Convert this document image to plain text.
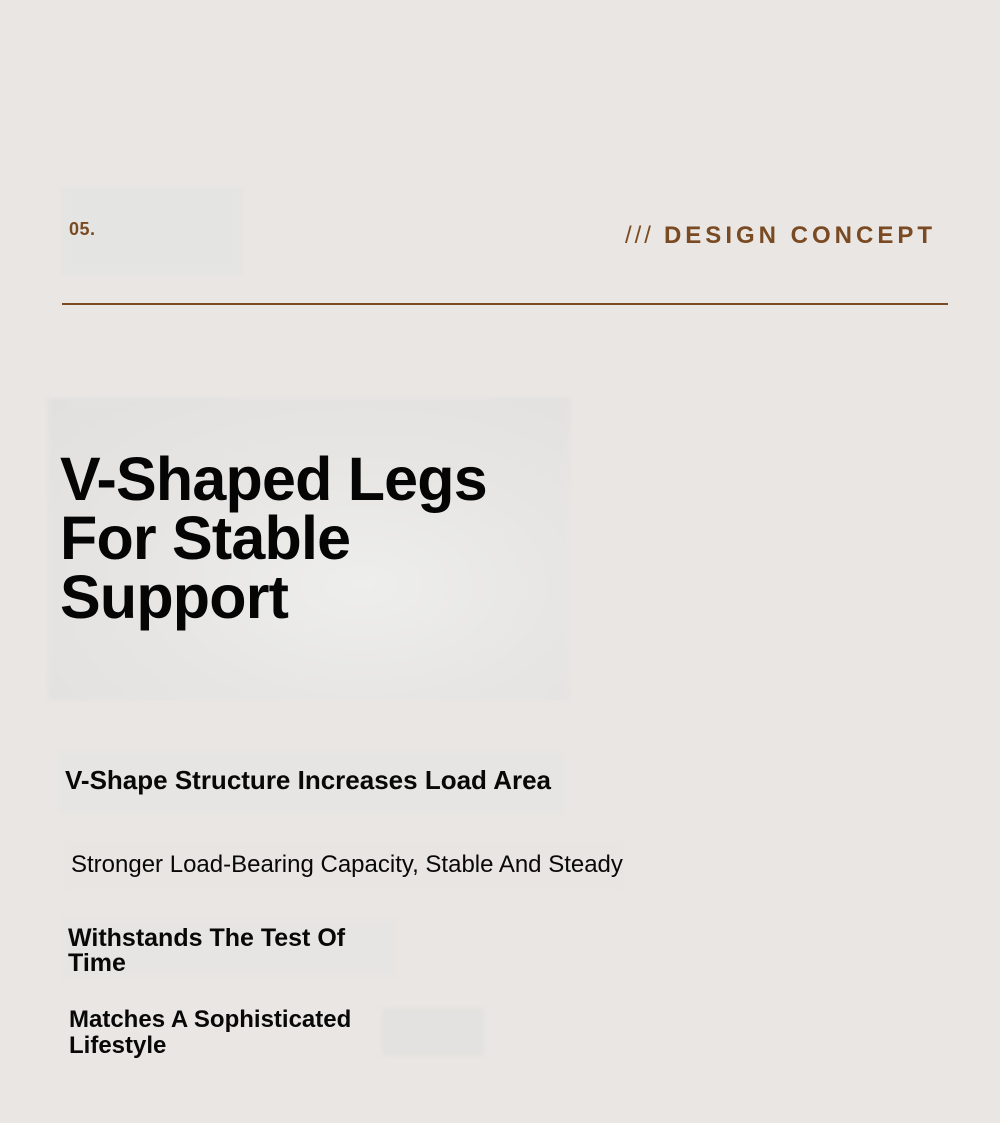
05.	/// DESIGN CONCEPT
V-Shaped Legs For Stable Support

V-Shape Structure Increases Load Area

Stronger Load-Bearing Capacity, Stable And Steady

Withstands The Test Of Time

Matches A Sophisticated Lifestyle
